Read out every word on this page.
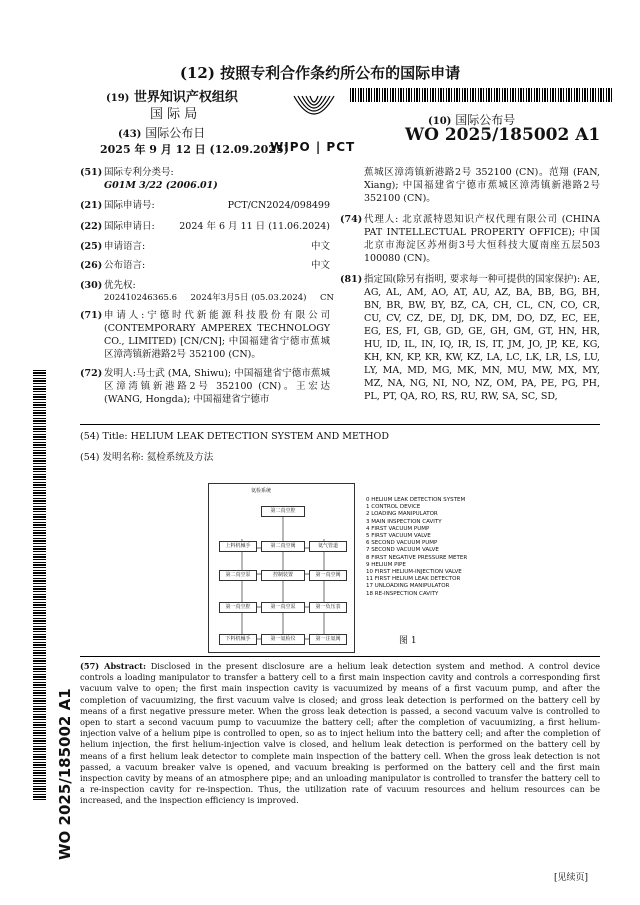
(12) 按照专利合作条约所公布的国际申请
(19) 世界知识产权组织
国 际 局
(43) 国际公布日
2025 年 9 月 12 日 (12.09.2025)
WIPO | PCT
(10) 国际公布号
WO 2025/185002 A1
WO 2025/185002 A1
(51) 国际专利分类号:
G01M 3/22 (2006.01)
(21) 国际申请号:	PCT/CN2024/098499
(22) 国际申请日:	2024 年 6 月 11 日 (11.06.2024)
(25) 申请语言:	中文
(26) 公布语言:	中文
(30) 优先权:
202410246365.6     2024年3月5日 (05.03.2024)     CN
(71) 申请人:宁德时代新能源科技股份有限公司 (CONTEMPORARY AMPEREX TECHNOLOGY CO., LIMITED) [CN/CN]; 中国福建省宁德市蕉城区漳湾镇新港路2号 352100 (CN)。
(72) 发明人:马士武 (MA, Shiwu); 中国福建省宁德市蕉城区漳湾镇新港路2号 352100 (CN)。王宏达 (WANG, Hongda); 中国福建省宁德市
蕉城区漳湾镇新港路2号 352100 (CN)。范翔 (FAN, Xiang); 中国福建省宁德市蕉城区漳湾镇新港路2号 352100 (CN)。
(74) 代理人: 北京派特恩知识产权代理有限公司 (CHINA PAT INTELLECTUAL PROPERTY OFFICE); 中国北京市海淀区苏州街3号大恒科技大厦南座五层503 100080 (CN)。
(81) 指定国(除另有指明, 要求每一种可提供的国家保护): AE, AG, AL, AM, AO, AT, AU, AZ, BA, BB, BG, BH, BN, BR, BW, BY, BZ, CA, CH, CL, CN, CO, CR, CU, CV, CZ, DE, DJ, DK, DM, DO, DZ, EC, EE, EG, ES, FI, GB, GD, GE, GH, GM, GT, HN, HR, HU, ID, IL, IN, IQ, IR, IS, IT, JM, JO, JP, KE, KG, KH, KN, KP, KR, KW, KZ, LA, LC, LK, LR, LS, LU, LY, MA, MD, MG, MK, MN, MU, MW, MX, MY, MZ, NA, NG, NI, NO, NZ, OM, PA, PE, PG, PH, PL, PT, QA, RO, RS, RU, RW, SA, SC, SD,
(54) Title: HELIUM LEAK DETECTION SYSTEM AND METHOD
(54) 发明名称: 氦检系统及方法
氦检系统
第二真空腔
上料机械手
第二真空泵
第二真空阀	氦气管道
下料机械手
第一真空腔
控制装置	第一真空阀
第一真空泵	第一负压表
第一氦检仪	第一注氦阀
0 HELIUM LEAK DETECTION SYSTEM
1 CONTROL DEVICE
2 LOADING MANIPULATOR
3 MAIN INSPECTION CAVITY
4 FIRST VACUUM PUMP
5 FIRST VACUUM VALVE
6 SECOND VACUUM PUMP
7 SECOND VACUUM VALVE
8 FIRST NEGATIVE PRESSURE METER
9 HELIUM PIPE
10 FIRST HELIUM-INJECTION VALVE
11 FIRST HELIUM LEAK DETECTOR
17 UNLOADING MANIPULATOR
18 RE-INSPECTION CAVITY
图 1
(57) Abstract: Disclosed in the present disclosure are a helium leak detection system and method. A control device controls a loading manipulator to transfer a battery cell to a first main inspection cavity and controls a corresponding first vacuum valve to open; the first main inspection cavity is vacuumized by means of a first vacuum pump, and after the completion of vacuumizing, the first vacuum valve is closed; and gross leak detection is performed on the battery cell by means of a first negative pressure meter. When the gross leak detection is passed, a second vacuum valve is controlled to open to start a second vacuum pump to vacuumize the battery cell; after the completion of vacuumizing, a first helium-injection valve of a helium pipe is controlled to open, so as to inject helium into the battery cell; and after the completion of helium injection, the first helium-injection valve is closed, and helium leak detection is performed on the battery cell by means of a first helium leak detector to complete main inspection of the battery cell. When the gross leak detection is not passed, a vacuum breaker valve is opened, and vacuum breaking is performed on the battery cell and the first main inspection cavity by means of an atmosphere pipe; and an unloading manipulator is controlled to transfer the battery cell to a re-inspection cavity for re-inspection. Thus, the utilization rate of vacuum resources and helium resources can be increased, and the inspection efficiency is improved.
[见续页]
